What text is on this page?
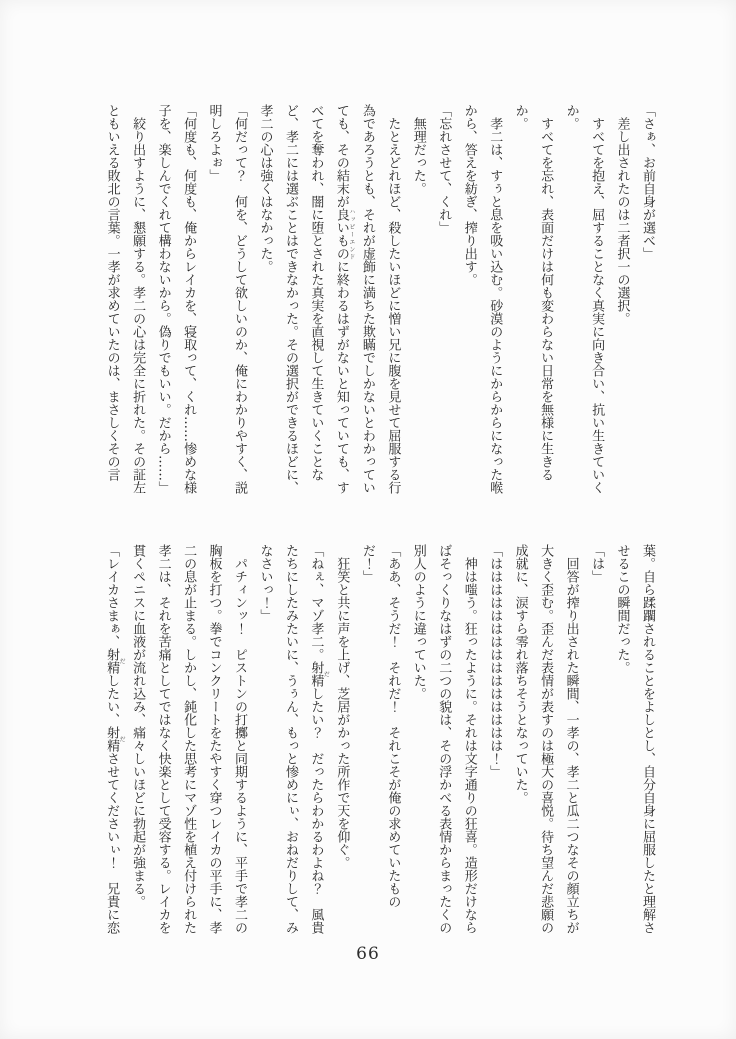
「さぁ、お前自身が選べ」

差し出されたのは二者択一の選択。

すべてを抱え、屈することなく真実に向き合い、抗い生きていく

か。

すべてを忘れ、表面だけは何も変わらない日常を無様に生きる

か。

孝二は、すぅと息を吸い込む。砂漠のようにからからになった喉

から、答えを紡ぎ、搾り出す。

「忘れさせて、くれ」

無理だった。

たとえどれほど、殺したいほどに憎い兄に腹を見せて屈服する行

為であろうとも、それが虚飾に満ちた欺瞞でしかないとわかってい

ても、その結末が良いもの ハッピーエンドに終わるはずがないと知っていても、す

べてを奪われ、闇に堕とされた真実を直視して生きていくことな

ど、孝二には選ぶことはできなかった。その選択ができるほどに、

孝二の心は強くはなかった。

「何だって？　何を、どうして欲しいのか、俺にわかりやすく、説

明しろよぉ」

「何度も、何度も、俺からレイカを、寝取って、くれ……惨めな様

子を、楽しんでくれて構わないから。偽りでもいい。だから……」

絞り出すように、懇願する。孝二の心は完全に折れた。その証左

ともいえる敗北の言葉。一孝が求めていたのは、まさしくその言

葉。自ら蹂躙されることをよしとし、自分自身に屈服したと理解さ

せるこの瞬間だった。

「は」

回答が搾り出された瞬間、一孝の、孝二と瓜二つなその顔立ちが

大きく歪む。歪んだ表情が表すのは極大の喜悦。待ち望んだ悲願の

成就に、涙すら零れ落ちそうとなっていた。

「ははははははははははははははは！」

神は嗤う。狂ったように。それは文字通りの狂喜。造形だけなら

ばそっくりなはずの二つの貌は、その浮かべる表情からまったくの

別人のように違っていた。

「ああ、そうだ！　それだ！　それこそが俺の求めていたもの

だ！」

狂笑と共に声を上げ、芝居がかった所作で天を仰ぐ。

「ねぇ、マゾ孝二。射精 だしたい？　だったらわかるわよね？　風貴

たちにしたみたいに、うぅん、もっと惨めにぃ、おねだりして、み

なさいっ！」

パチィンッ！　ピストンの打擲と同期するように、平手で孝二の

胸板を打つ。拳でコンクリートをたやすく穿つレイカの平手に、孝

二の息が止まる。しかし、鈍化した思考にマゾ性を植え付けられた

孝二は、それを苦痛としてではなく快楽として受容する。レイカを

貫くペニスに血液が流れ込み、痛々しいほどに勃起が強まる。

「レイカさまぁ、射精 だしたい、射精 ださせてくださいぃ！　兄貴に恋

66
